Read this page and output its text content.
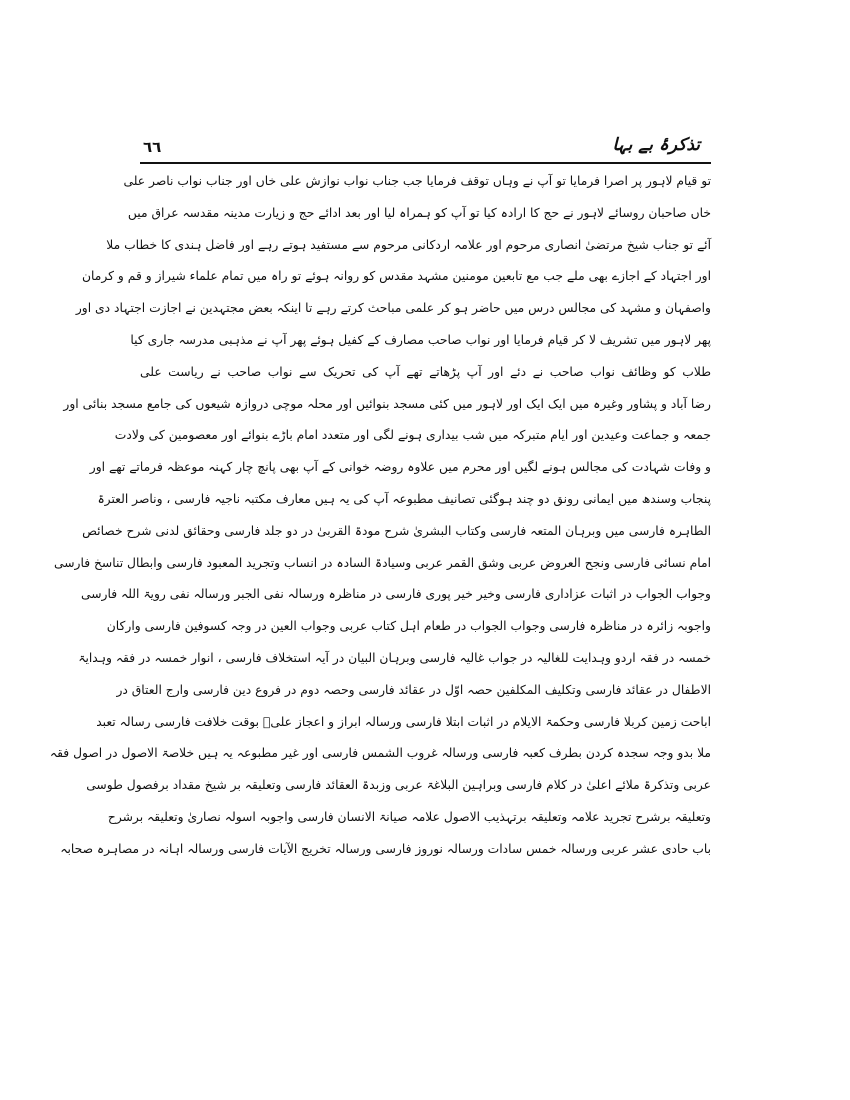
٦٦	تذکرۂ بے بہا
تو قیام لاہور پر اصرا فرمایا تو آپ نے وہاں توقف فرمایا جب جناب نواب نوازش علی خاں اور جناب نواب ناصر علی
خاں صاحبان روسائے لاہور نے حج کا ارادہ کیا تو آپ کو ہمراہ لیا اور بعد ادائے حج و زیارت مدینہ مقدسہ عراق میں
آئے تو جناب شیخ مرتضیٰ انصاری مرحوم اور علامہ اردکانی مرحوم سے مستفید ہوتے رہے اور فاضل ہندی کا خطاب ملا
اور اجتہاد کے اجازے بھی ملے جب مع تابعین مومنین مشہد مقدس کو روانہ ہوئے تو راہ میں تمام علماء شیراز و قم و کرمان
واصفہان و مشہد کی مجالس درس میں حاضر ہو کر علمی مباحث کرتے رہے تا اینکہ بعض مجتہدین نے اجازت اجتہاد دی اور
پھر لاہور میں تشریف لا کر قیام فرمایا اور نواب صاحب مصارف کے کفیل ہوئے پھر آپ نے مذہبی مدرسہ جاری کیا
طلاب کو وظائف نواب صاحب نے دئے اور آپ پڑھاتے تھے آپ کی تحریک سے نواب صاحب نے ریاست علی
رضا آباد و پشاور وغیرہ میں ایک ایک اور لاہور میں کئی مسجد بنوائیں اور محلہ موچی دروازہ شیعوں کی جامع مسجد بنائی اور
جمعہ و جماعت وعیدین اور ایام متبرکہ میں شب بیداری ہونے لگی اور متعدد امام باڑے بنوائے اور معصومین کی ولادت
و وفات شہادت کی مجالس ہونے لگیں اور محرم میں علاوہ روضہ خوانی کے آپ بھی پانچ چار کہنہ موعظہ فرماتے تھے اور
پنجاب وسندھ میں ایمانی رونق دو چند ہوگئی تصانیف مطبوعہ آپ کی یہ ہیں معارف مکتبہ ناجیہ فارسی ، وناصر العترۃ
الطاہرہ فارسی میں وبرہان المتعہ فارسی وکتاب البشریٰ شرح مودۃ القربیٰ در دو جلد فارسی وحقائق لدنی شرح خصائص
امام نسائی فارسی ونجح العروض عربی وشق القمر عربی وسیادۃ السادہ در انساب وتجرید المعبود فارسی وابطال تناسخ فارسی
وجواب الجواب در اثبات عزاداری فارسی وخیر خیر پوری فارسی در مناظرہ ورسالہ نفی الجبر ورسالہ نفی رویۃ اللہ فارسی
واجوبہ زائرہ در مناظرہ فارسی وجواب الجواب در طعام اہل کتاب عربی وجواب العین در وجہ کسوفین فارسی وارکان
خمسہ در فقہ اردو وہدایت للغالیہ در جواب غالیہ فارسی وبرہان البیان در آیہ استخلاف فارسی ، انوار خمسہ در فقہ وہدایۃ
الاطفال در عقائد فارسی وتکلیف المکلفین حصہ اوّل در عقائد فارسی وحصہ دوم در فروع دین فارسی وارج العتاق در
اباحت زمین کربلا فارسی وحکمۃ الایلام در اثبات ابتلا فارسی ورسالہ ابراز و اعجاز علیؑ بوقت خلافت فارسی رسالہ تعبد
ملا بدو وجہ سجدہ کردن بطرف کعبہ فارسی ورسالہ غروب الشمس فارسی اور غیر مطبوعہ یہ ہیں خلاصۃ الاصول در اصول فقہ
عربی وتذکرۃ ملائے اعلیٰ در کلام فارسی وبراہین البلاغۃ عربی وزبدۃ العقائد فارسی وتعلیقہ بر شیخ مقداد برفصول طوسی
وتعلیقہ برشرح تجرید علامہ وتعلیقہ برتہذیب الاصول علامہ صیانۃ الانسان فارسی واجوبہ اسولہ نصاریٰ وتعلیقہ برشرح
باب حادی عشر عربی ورسالہ خمس سادات ورسالہ نوروز فارسی ورسالہ تخریج الآیات فارسی ورسالہ اہانہ در مصاہرہ صحابہ
